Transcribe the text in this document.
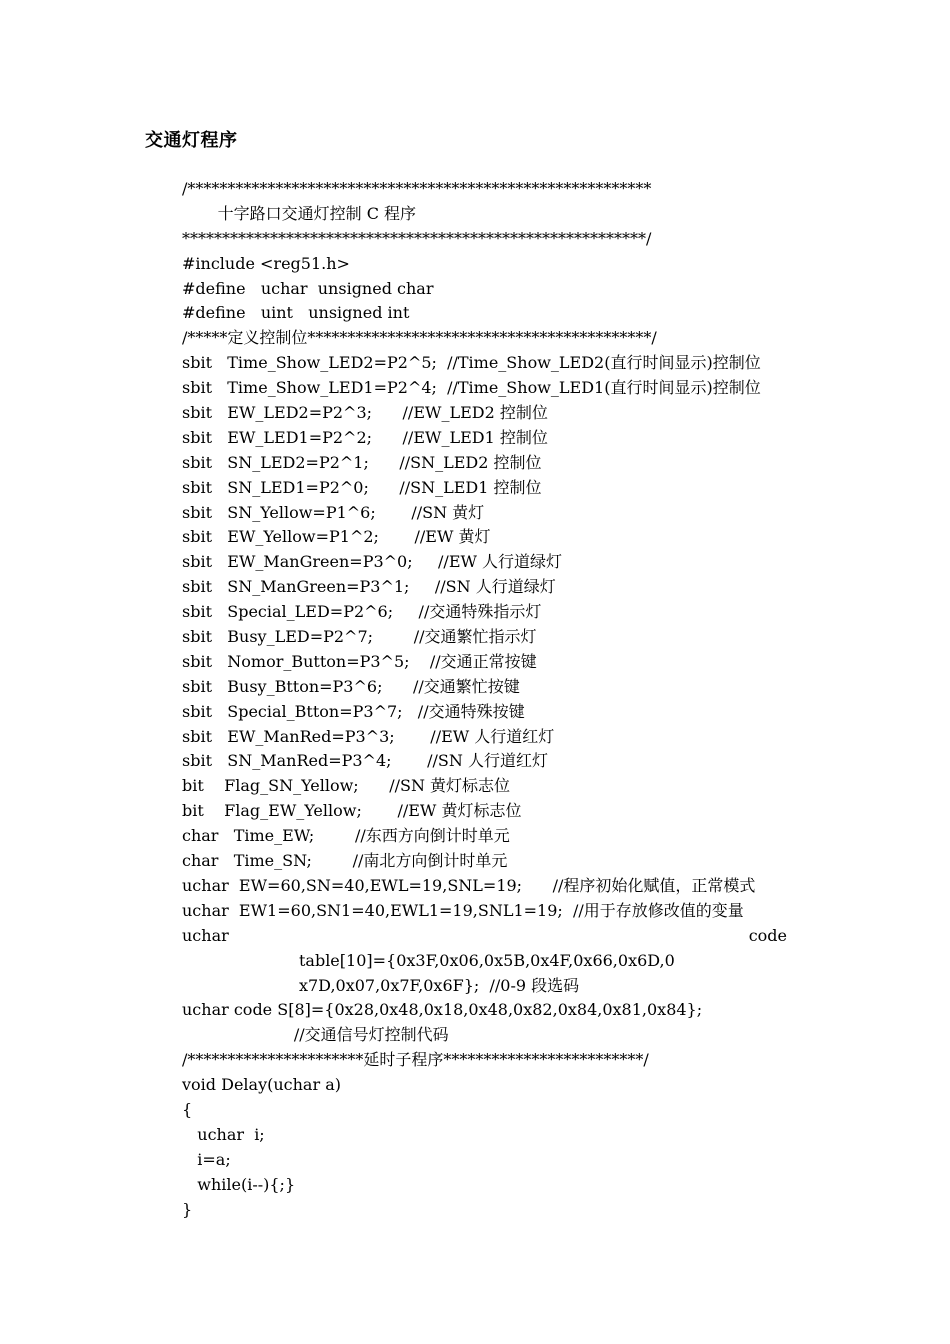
交通灯程序
/**********************************************************
十字路口交通灯控制 C 程序
**********************************************************/
#include <reg51.h>
#define   uchar  unsigned char
#define   uint   unsigned int
/*****定义控制位*******************************************/
sbit   Time_Show_LED2=P2^5;  //Time_Show_LED2(直行时间显示)控制位
sbit   Time_Show_LED1=P2^4;  //Time_Show_LED1(直行时间显示)控制位
sbit   EW_LED2=P2^3;      //EW_LED2 控制位
sbit   EW_LED1=P2^2;      //EW_LED1 控制位
sbit   SN_LED2=P2^1;      //SN_LED2 控制位
sbit   SN_LED1=P2^0;      //SN_LED1 控制位
sbit   SN_Yellow=P1^6;       //SN 黄灯
sbit   EW_Yellow=P1^2;       //EW 黄灯
sbit   EW_ManGreen=P3^0;     //EW 人行道绿灯
sbit   SN_ManGreen=P3^1;     //SN 人行道绿灯
sbit   Special_LED=P2^6;     //交通特殊指示灯
sbit   Busy_LED=P2^7;        //交通繁忙指示灯
sbit   Nomor_Button=P3^5;    //交通正常按键
sbit   Busy_Btton=P3^6;      //交通繁忙按键
sbit   Special_Btton=P3^7;   //交通特殊按键
sbit   EW_ManRed=P3^3;       //EW 人行道红灯
sbit   SN_ManRed=P3^4;       //SN 人行道红灯
bit    Flag_SN_Yellow;      //SN 黄灯标志位
bit    Flag_EW_Yellow;       //EW 黄灯标志位
char   Time_EW;        //东西方向倒计时单元
char   Time_SN;        //南北方向倒计时单元
uchar  EW=60,SN=40,EWL=19,SNL=19;      //程序初始化赋值，正常模式
uchar  EW1=60,SN1=40,EWL1=19,SNL1=19;  //用于存放修改值的变量
uchar	code
table[10]={0x3F,0x06,0x5B,0x4F,0x66,0x6D,0
x7D,0x07,0x7F,0x6F};  //0-9 段选码
uchar code S[8]={0x28,0x48,0x18,0x48,0x82,0x84,0x81,0x84};
//交通信号灯控制代码
/**********************延时子程序*************************/
void Delay(uchar a)
{
uchar  i;
i=a;
while(i--){;}
}
